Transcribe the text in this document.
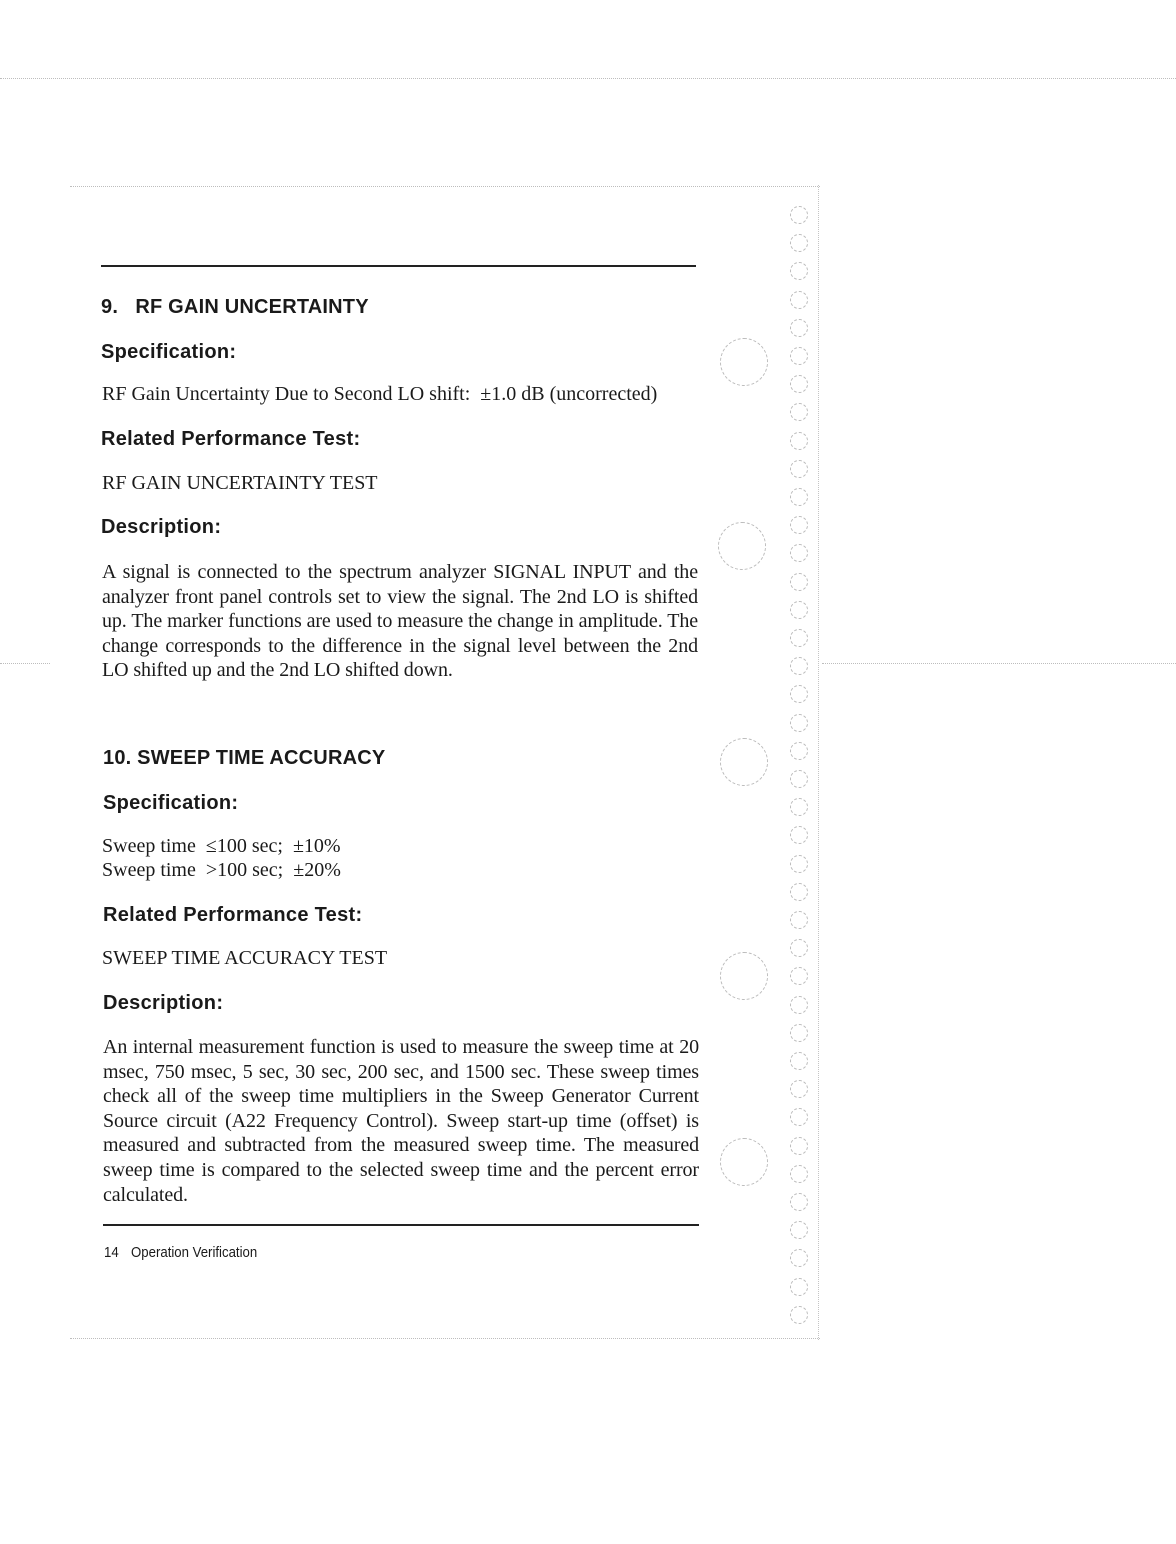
9.   RF GAIN UNCERTAINTY
Specification:
RF Gain Uncertainty Due to Second LO shift:  ±1.0 dB (uncorrected)
Related Performance Test:
RF GAIN UNCERTAINTY TEST
Description:
A signal is connected to the spectrum analyzer SIGNAL INPUT and the analyzer front panel controls set to view the signal. The 2nd LO is shifted up. The marker functions are used to measure the change in amplitude. The change corresponds to the difference in the signal level between the 2nd LO shifted up and the 2nd LO shifted down.
10. SWEEP TIME ACCURACY
Specification:
Sweep time  ≤100 sec;  ±10%
Sweep time  >100 sec;  ±20%
Related Performance Test:
SWEEP TIME ACCURACY TEST
Description:
An internal measurement function is used to measure the sweep time at 20 msec, 750 msec, 5 sec, 30 sec, 200 sec, and 1500 sec. These sweep times check all of the sweep time multipliers in the Sweep Generator Current Source circuit (A22 Frequency Control). Sweep start-up time (offset) is measured and subtracted from the measured sweep time. The measured sweep time is compared to the selected sweep time and the percent error calculated.
14 Operation Verification
